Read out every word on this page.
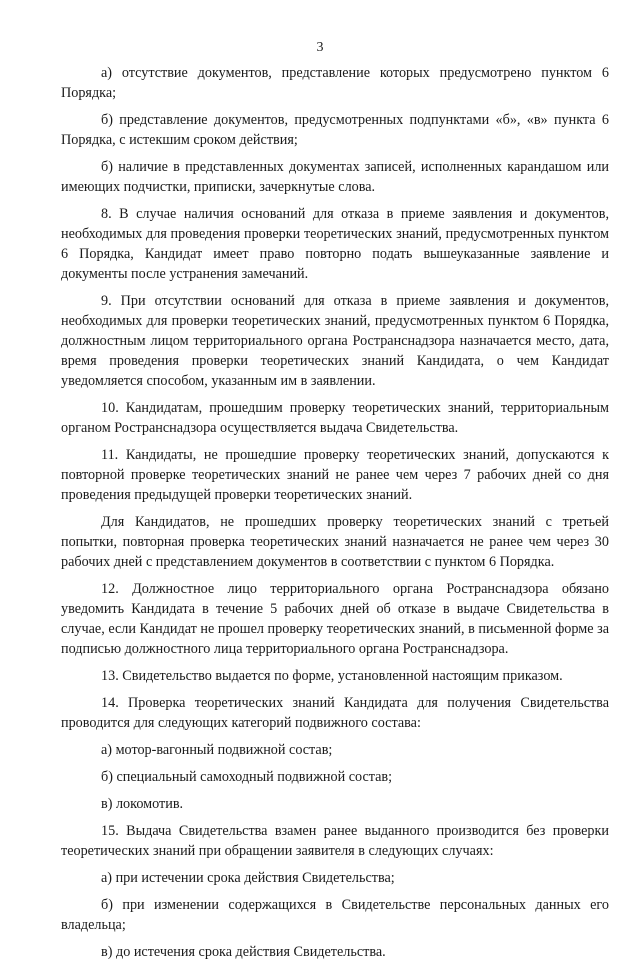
3

а) отсутствие документов, представление которых предусмотрено пунктом 6 Порядка;

б) представление документов, предусмотренных подпунктами «б», «в» пункта 6 Порядка, с истекшим сроком действия;

б) наличие в представленных документах записей, исполненных карандашом или имеющих подчистки, приписки, зачеркнутые слова.

8. В случае наличия оснований для отказа в приеме заявления и документов, необходимых для проведения проверки теоретических знаний, предусмотренных пунктом 6 Порядка, Кандидат имеет право повторно подать вышеуказанные заявление и документы после устранения замечаний.

9. При отсутствии оснований для отказа в приеме заявления и документов, необходимых для проверки теоретических знаний, предусмотренных пунктом 6 Порядка, должностным лицом территориального органа Ространснадзора назначается место, дата, время проведения проверки теоретических знаний Кандидата, о чем Кандидат уведомляется способом, указанным им в заявлении.

10. Кандидатам, прошедшим проверку теоретических знаний, территориальным органом Ространснадзора осуществляется выдача Свидетельства.

11. Кандидаты, не прошедшие проверку теоретических знаний, допускаются к повторной проверке теоретических знаний не ранее чем через 7 рабочих дней со дня проведения предыдущей проверки теоретических знаний.

Для Кандидатов, не прошедших проверку теоретических знаний с третьей попытки, повторная проверка теоретических знаний назначается не ранее чем через 30 рабочих дней с представлением документов в соответствии с пунктом 6 Порядка.

12. Должностное лицо территориального органа Ространснадзора обязано уведомить Кандидата в течение 5 рабочих дней об отказе в выдаче Свидетельства в случае, если Кандидат не прошел проверку теоретических знаний, в письменной форме за подписью должностного лица территориального органа Ространснадзора.

13. Свидетельство выдается по форме, установленной настоящим приказом.

14. Проверка теоретических знаний Кандидата для получения Свидетельства проводится для следующих категорий подвижного состава:

а) мотор-вагонный подвижной состав;

б) специальный самоходный подвижной состав;

в) локомотив.

15. Выдача Свидетельства взамен ранее выданного производится без проверки теоретических знаний при обращении заявителя в следующих случаях:

а) при истечении срока действия Свидетельства;

б) при изменении содержащихся в Свидетельстве персональных данных его владельца;

в) до истечения срока действия Свидетельства.
